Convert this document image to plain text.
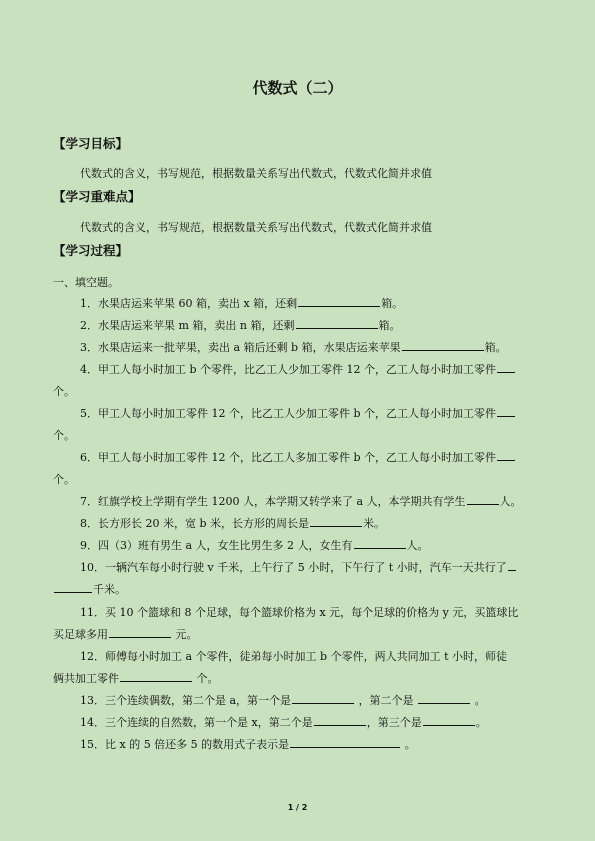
代数式（二）
【学习目标】
代数式的含义，书写规范，根据数量关系写出代数式，代数式化简并求值
【学习重难点】
代数式的含义，书写规范，根据数量关系写出代数式，代数式化简并求值
【学习过程】
一、填空题。
1．水果店运来苹果 60 箱，卖出 x 箱，还剩	箱。
2．水果店运来苹果 m 箱，卖出 n 箱，还剩	箱。
3．水果店运来一批苹果，卖出 a 箱后还剩 b 箱，水果店运来苹果	箱。
4．甲工人每小时加工 b 个零件，比乙工人少加工零件 12 个，乙工人每小时加工零件
个。
5．甲工人每小时加工零件 12 个，比乙工人少加工零件 b 个，乙工人每小时加工零件
个。
6．甲工人每小时加工零件 12 个，比乙工人多加工零件 b 个，乙工人每小时加工零件
个。
7．红旗学校上学期有学生 1200 人，本学期又转学来了 a 人，本学期共有学生	人。
8．长方形长 20 米，宽 b 米，长方形的周长是	米。
9．四（3）班有男生 a 人，女生比男生多 2 人，女生有	人。
10．一辆汽车每小时行驶 v 千米，上午行了 5 小时，下午行了 t 小时，汽车一天共行了
千米。
11．买 10 个篮球和 8 个足球，每个篮球价格为 x 元，每个足球的价格为 y 元，买篮球比
买足球多用	元。
12．师傅每小时加工 a 个零件，徒弟每小时加工 b 个零件，两人共同加工 t 小时，师徒
俩共加工零件	个。
13．三个连续偶数，第二个是 a，第一个是	，第二个是	。
14．三个连续的自然数，第一个是 x，第二个是	，第三个是	。
15．比 x 的 5 倍还多 5 的数用式子表示是	。
1 / 2
